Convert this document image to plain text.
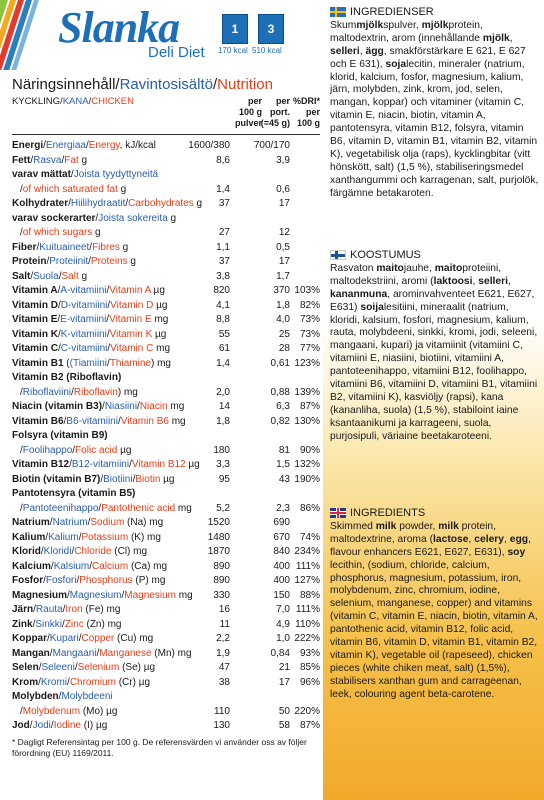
Slanka
Deli Diet
1	3
170 kcal 510 kcal
Näringsinnehåll/Ravintosisältö/Nutrition
KYCKLING/KANA/CHICKEN	per
100 g
pulver
per
port.
(=45 g)
%DRI*
per
100 g
Energi/Energiaa/Energy, kJ/kcal	1600/380 700/170
Fett/Rasva/Fat g	8,6	3,9
varav mättat/Joista tyydyttyneitä
/of which saturated fat g	1,4	0,6
Kolhydrater/Hiilihydraatit/Carbohydrates g 37	17
varav sockerarter/Joista sokereita g
/of which sugars g	27	12
Fiber/Kuituaineet/Fibres g	1,1	0,5
Protein/Proteiinit/Proteins g	37	17
Salt/Suola/Salt g	3,8	1,7
Vitamin A/A-vitamiini/Vitamin A µg	820	370 103%
Vitamin D/D-vitamiini/Vitamin D µg	4,1	1,8 82%
Vitamin E/E-vitamiini/Vitamin E mg	8,8	4,0 73%
Vitamin K/K-vitamiini/Vitamin K µg	55	25 73%
Vitamin C/C-vitamiini/Vitamin C mg	61	28 77%
Vitamin B1 ((Tiamiini/Thiamine) mg	1,4	0,61 123%
Vitamin B2 (Riboflavin)
/Riboflaviini/Riboflavin) mg	2,0	0,88 139%
Niacin (vitamin B3)/Niasiini/Niacin mg	14	6,3 87%
Vitamin B6/B6-vitamiini/Vitamin B6 mg	1,8	0,82 130%
Folsyra (vitamin B9)
/Foolihappo/Folic acid µg	180	81 90%
Vitamin B12/B12-vitamiini/Vitamin B12 µg 3,3	1,5 132%
Biotin (vitamin B7)/Biotiini/Biotin µg	95	43 190%
Pantotensyra (vitamin B5)
/Pantoteenihappo/Pantothenic acid mg 5,2	2,3 86%
Natrium/Natrium/Sodium (Na) mg	1520	690
Kalium/Kalium/Potassium (K) mg	1480	670 74%
Klorid/Kloridi/Chloride (Cl) mg	1870	840 234%
Kalcium/Kalsium/Calcium (Ca) mg	890	400 111%
Fosfor/Fosfori/Phosphorus (P) mg	890	400 127%
Magnesium/Magnesium/Magnesium mg 330	150 88%
Järn/Rauta/Iron (Fe) mg	16	7,0 111%
Zink/Sinkki/Zinc (Zn) mg	11	4,9 110%
Koppar/Kupari/Copper (Cu) mg	2,2	1,0 222%
Mangan/Mangaani/Manganese (Mn) mg 1,9	0,84 93%
Selen/Seleeni/Selenium (Se) µg	47	21 85%
Krom/Kromi/Chromium (Cr) µg	38	17 96%
Molybden/Molybdeeni
/Molybdenum (Mo) µg	110	50 220%
Jod/Jodi/Iodine (I) µg	130	58 87%
* Dagligt Referensintag per 100 g. De referensvärden vi använder oss av följer förordning (EU) 1169/2011.
INGREDIENSER
Skummjölkspulver, mjölkprotein, maltodextrin, arom (innehållande mjölk, selleri, ägg, smakförstärkare E 621, E 627 och E 631), sojalecitin, mineraler (natrium, klorid, kalcium, fosfor, magnesium, kalium, järn, molybden, zink, krom, jod, selen, mangan, koppar) och vitaminer (vitamin C, vitamin E, niacin, biotin, vitamin A, pantotensyra, vitamin B12, folsyra, vitamin B6, vitamin D, vitamin B1, vitamin B2, vitamin K), vegetabilisk olja (raps), kycklingbitar (vitt hönskött, salt) (1,5 %), stabiliseringsmedel xanthangummi och karragenan, salt, purjolök, färgämne betakaroten.
KOOSTUMUS
Rasvaton maitojauhe, maitoproteiini, maltodekstriini, aromi (laktoosi, selleri, kananmuna, arominvahventeet E621, E627, E631) soijalesitiini, mineraalit (natrium, kloridi, kalsium, fosfori, magnesium, kalium, rauta, molybdeeni, sinkki, kromi, jodi, seleeni, mangaani, kupari) ja vitamiinit (vitamiini C, vitamiini E, niasiini, biotiini, vitamiini A, pantoteenihappo, vitamiini B12, foolihappo, vitamiini B6, vitamiini D, vitamiini B1, vitamiini B2, vitamiini K), kasviöljy (rapsi), kana (kananliha, suola) (1,5 %), stabiloint iaine ksantaanikumi ja karrageeni, suola, purjosipuli, väriaine beetakaroteeni.
INGREDIENTS
Skimmed milk powder, milk protein, maltodextrine, aroma (lactose, celery, egg, flavour enhancers E621, E627, E631), soy lecithin, (sodium, chloride, calcium, phosphorus, magnesium, potassium, iron, molybdenum, zinc, chromium, iodine, selenium, manganese, copper) and vitamins (vitamin C, vitamin E, niacin, biotin, vitamin A, pantothenic acid, vitamin B12, folic acid, vitamin B6, vitamin D, vitamin B1, vitamin B2, vitamin K), vegetable oil (rapeseed), chicken pieces (white chiken meat, salt) (1,5%), stabilisers xanthan gum and carrageenan, leek, colouring agent beta-carotene.
